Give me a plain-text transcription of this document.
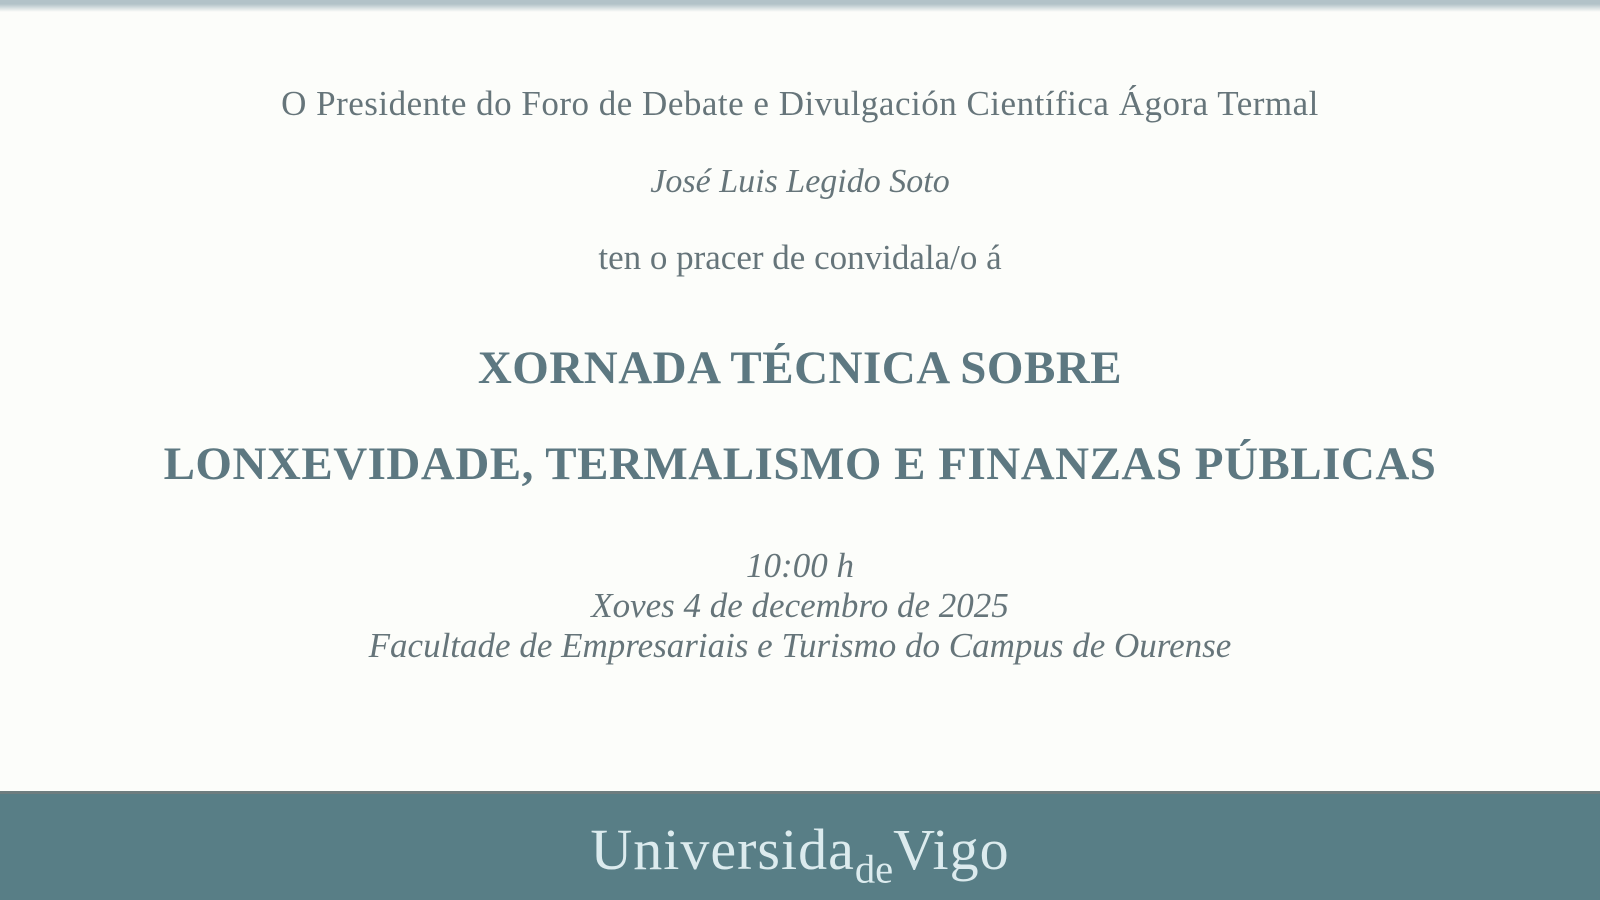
O Presidente do Foro de Debate e Divulgación Científica Ágora Termal
José Luis Legido Soto
ten o pracer de convidala/o á
XORNADA TÉCNICA SOBRE
LONXEVIDADE, TERMALISMO E FINANZAS PÚBLICAS
10:00 h
Xoves 4 de decembro de 2025
Facultade de Empresariais e Turismo do Campus de Ourense
UniversidadeVigo
